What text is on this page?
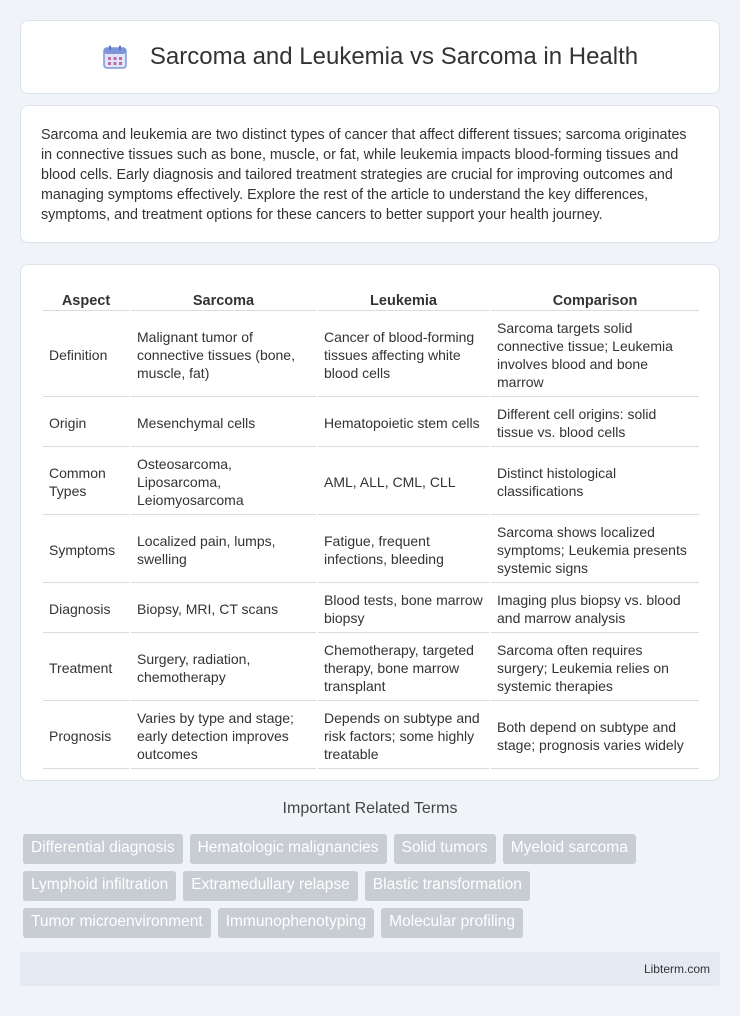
Sarcoma and Leukemia vs Sarcoma in Health

Sarcoma and leukemia are two distinct types of cancer that affect different tissues; sarcoma originates in connective tissues such as bone, muscle, or fat, while leukemia impacts blood-forming tissues and blood cells. Early diagnosis and tailored treatment strategies are crucial for improving outcomes and managing symptoms effectively. Explore the rest of the article to understand the key differences, symptoms, and treatment options for these cancers to better support your health journey.

Aspect	Sarcoma	Leukemia	Comparison
Definition	Malignant tumor of connective tissues (bone, muscle, fat)	Cancer of blood-forming tissues affecting white blood cells	Sarcoma targets solid connective tissue; Leukemia involves blood and bone marrow
Origin	Mesenchymal cells	Hematopoietic stem cells	Different cell origins: solid tissue vs. blood cells
Common Types	Osteosarcoma, Liposarcoma, Leiomyosarcoma	AML, ALL, CML, CLL	Distinct histological classifications
Symptoms	Localized pain, lumps, swelling	Fatigue, frequent infections, bleeding	Sarcoma shows localized symptoms; Leukemia presents systemic signs
Diagnosis	Biopsy, MRI, CT scans	Blood tests, bone marrow biopsy	Imaging plus biopsy vs. blood and marrow analysis
Treatment	Surgery, radiation, chemotherapy	Chemotherapy, targeted therapy, bone marrow transplant	Sarcoma often requires surgery; Leukemia relies on systemic therapies
Prognosis	Varies by type and stage; early detection improves outcomes	Depends on subtype and risk factors; some highly treatable	Both depend on subtype and stage; prognosis varies widely
Important Related Terms
Differential diagnosis	Hematologic malignancies	Solid tumors	Myeloid sarcoma
Lymphoid infiltration	Extramedullary relapse	Blastic transformation
Tumor microenvironment	Immunophenotyping	Molecular profiling
Libterm.com
